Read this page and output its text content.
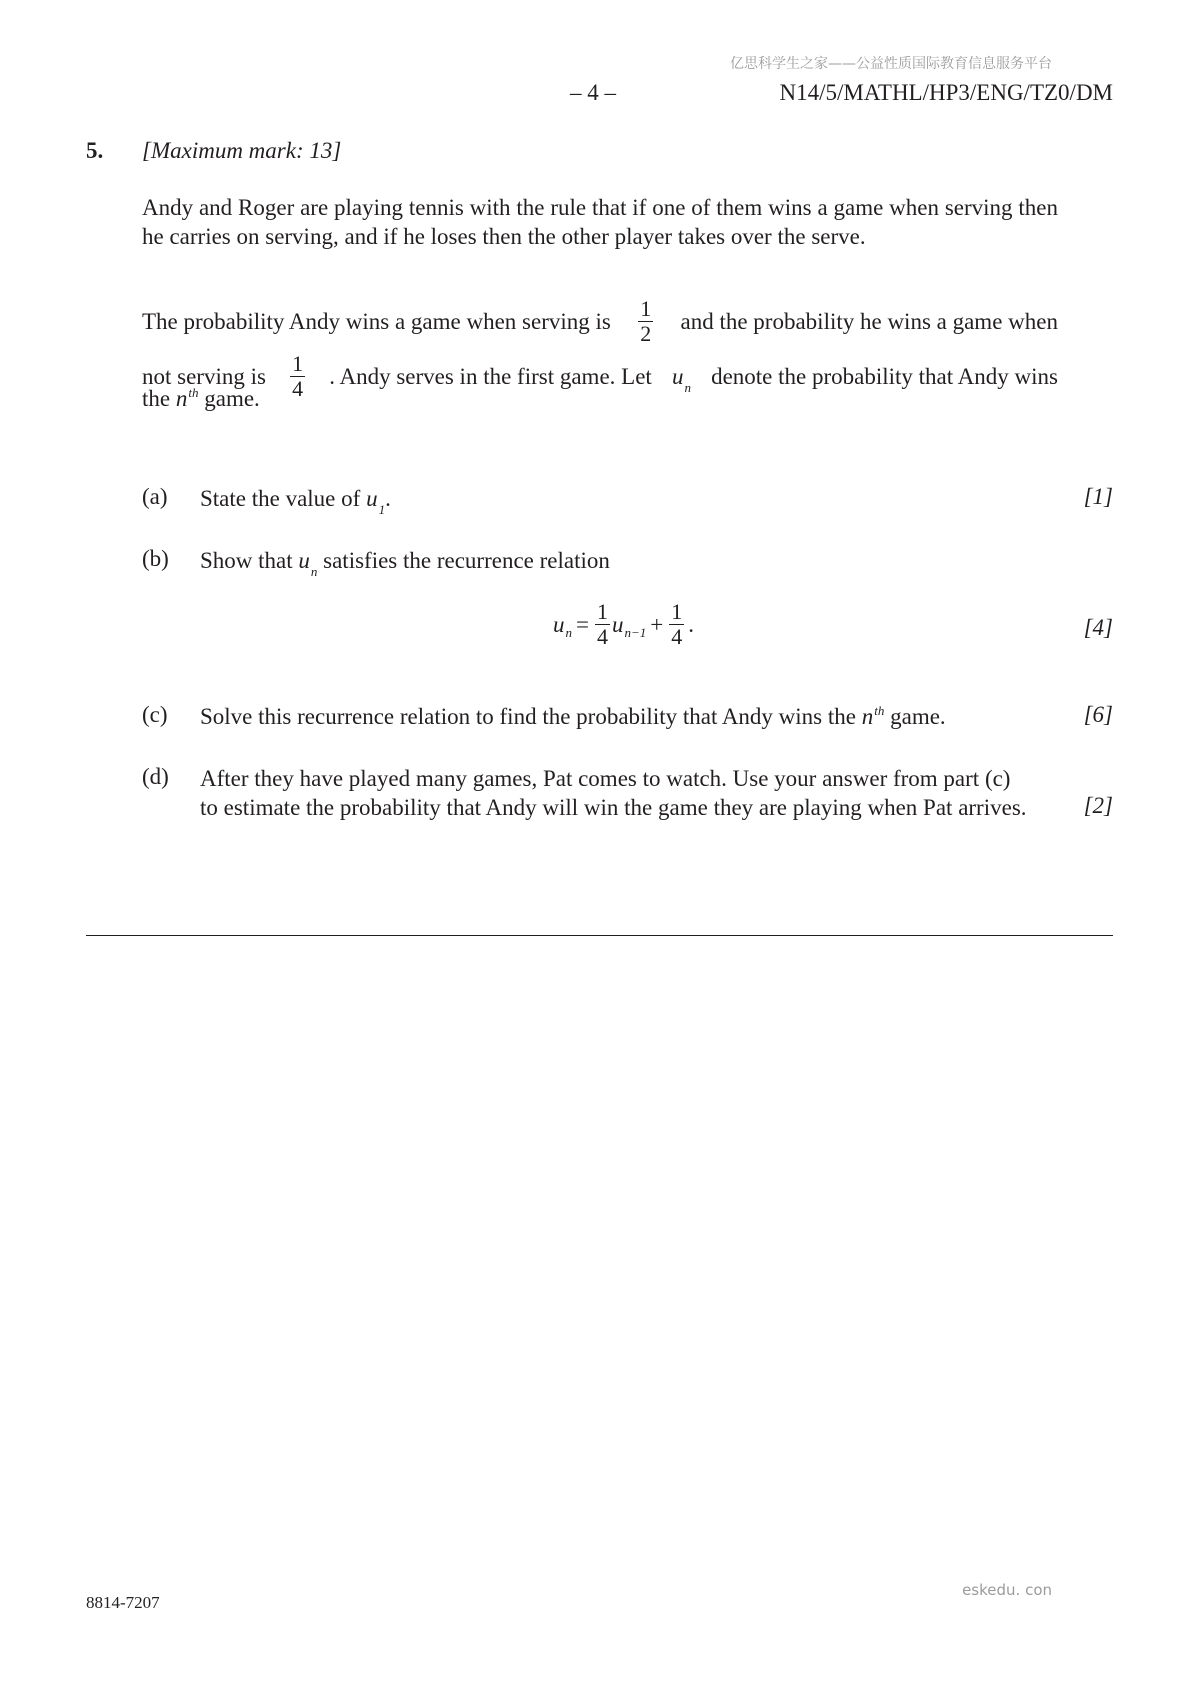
亿思科学生之家——公益性质国际教育信息服务平台
– 4 –	N14/5/MATHL/HP3/ENG/TZ0/DM
5. [Maximum mark: 13]
Andy and Roger are playing tennis with the rule that if one of them wins a game when serving then he carries on serving, and if he loses then the other player takes over the serve.
The probability Andy wins a game when serving is $\frac{1}{2}$ and the probability he wins a game when
not serving is $\frac{1}{4}$ . Andy serves in the first game. Let $u_n$ denote the probability that Andy wins
the $n^{th}$ game.
(a) State the value of $u_1$.	[1]
(b) Show that $u_n$ satisfies the recurrence relation
u $n = \frac{1}{4}$ u $n-1 + \frac{1}{4}$ .	[4]
(c) Solve this recurrence relation to find the probability that Andy wins the $n^{th}$ game.	[6]
(d) After they have played many games, Pat comes to watch. Use your answer from part (c)
to estimate the probability that Andy will win the game they are playing when Pat arrives.	[2]
eskedu. con
8814-7207
